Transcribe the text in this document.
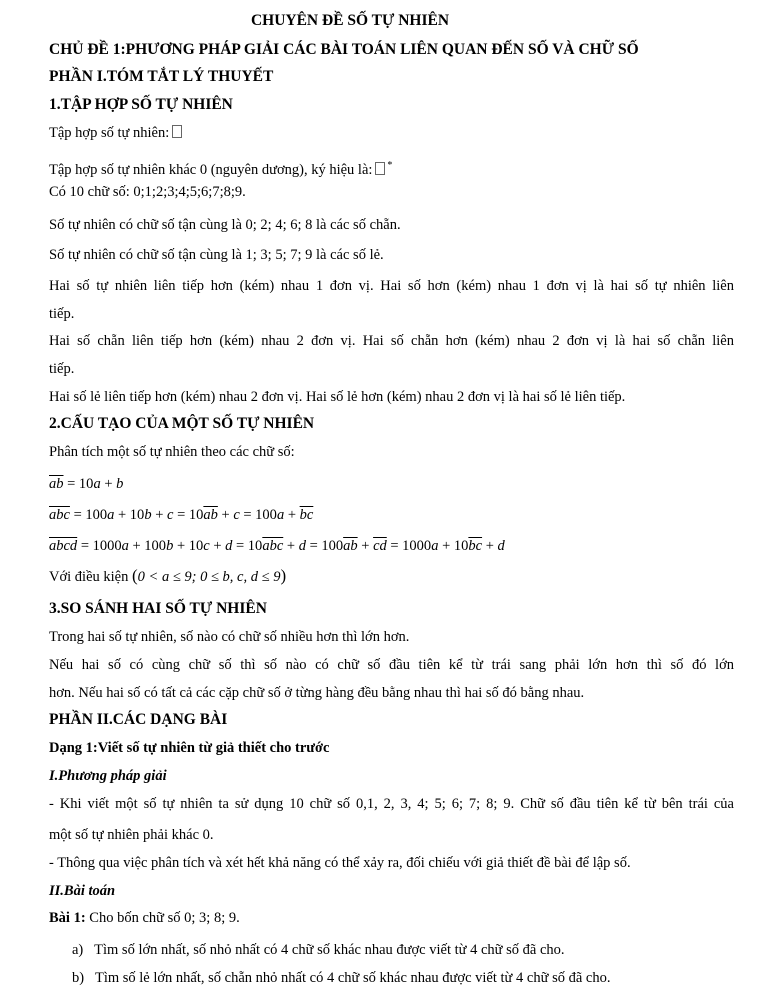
CHUYÊN ĐỀ SỐ TỰ NHIÊN
CHỦ ĐỀ 1:PHƯƠNG PHÁP GIẢI CÁC BÀI TOÁN LIÊN QUAN ĐẾN SỐ VÀ CHỮ SỐ
PHẦN I.TÓM TẮT LÝ THUYẾT
1.TẬP HỢP SỐ TỰ NHIÊN
Tập hợp số tự nhiên:
Tập hợp số tự nhiên khác 0 (nguyên dương), ký hiệu là: *
Có 10 chữ số: 0;1;2;3;4;5;6;7;8;9.
Số tự nhiên có chữ số tận cùng là 0; 2; 4; 6; 8 là các số chẵn.
Số tự nhiên có chữ số tận cùng là 1; 3; 5; 7; 9 là các số lẻ.
Hai số tự nhiên liên tiếp hơn (kém) nhau 1 đơn vị. Hai số hơn (kém) nhau 1 đơn vị là hai số tự nhiên liên
tiếp.
Hai số chẵn liên tiếp hơn (kém) nhau 2 đơn vị. Hai số chẵn hơn (kém) nhau 2 đơn vị là hai số chẵn liên
tiếp.
Hai số lẻ liên tiếp hơn (kém) nhau 2 đơn vị. Hai số lẻ hơn (kém) nhau 2 đơn vị là hai số lẻ liên tiếp.
2.CẤU TẠO CỦA MỘT SỐ TỰ NHIÊN
Phân tích một số tự nhiên theo các chữ số:
$\overline{ab} = 10a + b$
$\overline{abc} = 100a + 10b + c = 10\overline{ab} + c = 100a + \overline{bc}$
abcd = $1000a + 100b + 10c + d = 10\overline{abc} + d = 100\overline{ab} + \overline{cd} = 1000a + 10\overline{bc} + d$
Với điều kiện (0 < a ≤ 9; 0 ≤ b, c, d ≤ 9)
3.SO SÁNH HAI SỐ TỰ NHIÊN
Trong hai số tự nhiên, số nào có chữ số nhiều hơn thì lớn hơn.
Nếu hai số có cùng chữ số thì số nào có chữ số đầu tiên kể từ trái sang phải lớn hơn thì số đó lớn
hơn. Nếu hai số có tất cả các cặp chữ số ở từng hàng đều bằng nhau thì hai số đó bằng nhau.
PHẦN II.CÁC DẠNG BÀI
Dạng 1:Viết số tự nhiên từ giả thiết cho trước
I.Phương pháp giải
- Khi viết một số tự nhiên ta sử dụng 10 chữ số 0,1, 2, 3, 4; 5; 6; 7; 8; 9. Chữ số đầu tiên kể từ bên trái của
một số tự nhiên phải khác 0.
- Thông qua việc phân tích và xét hết khả năng có thể xảy ra, đối chiếu với giả thiết đề bài để lập số.
II.Bài toán
Bài 1: Cho bốn chữ số 0; 3; 8; 9.
a) Tìm số lớn nhất, số nhỏ nhất có 4 chữ số khác nhau được viết từ 4 chữ số đã cho.
b) Tìm số lẻ lớn nhất, số chẵn nhỏ nhất có 4 chữ số khác nhau được viết từ 4 chữ số đã cho.
